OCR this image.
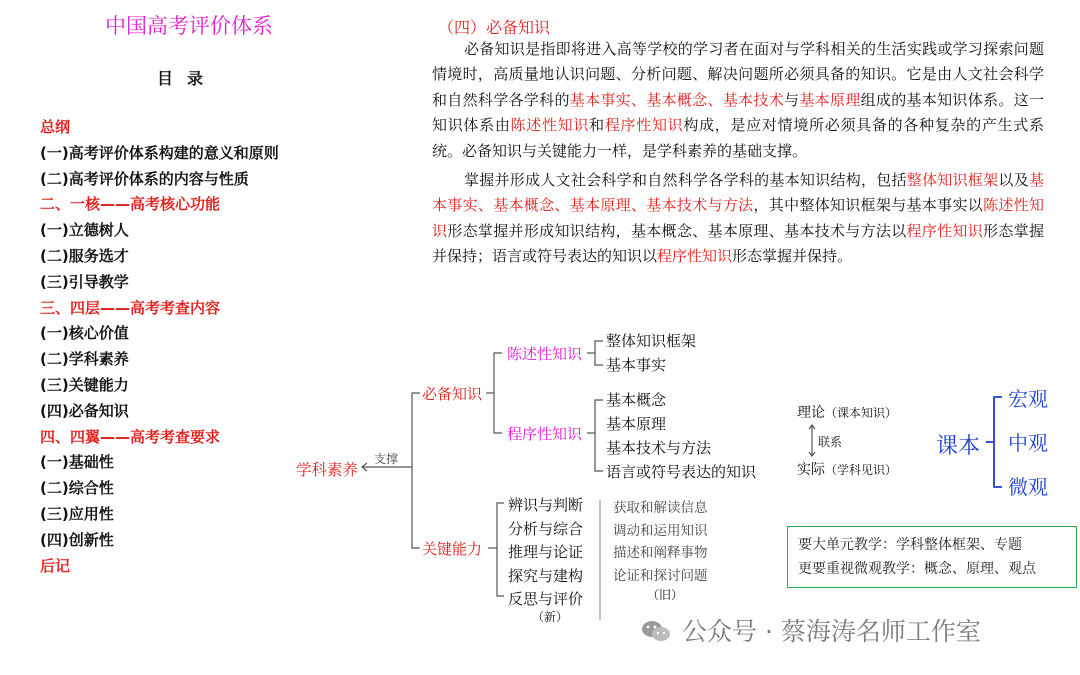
中国高考评价体系
目录
总纲
(一)高考评价体系构建的意义和原则
(二)高考评价体系的内容与性质
二、一核——高考核心功能
(一)立德树人
(二)服务选才
(三)引导教学
三、四层——高考考查内容
(一)核心价值
(二)学科素养
(三)关键能力
(四)必备知识
四、四翼——高考考查要求
(一)基础性
(二)综合性
(三)应用性
(四)创新性
后记
（四）必备知识

必备知识是指即将进入高等学校的学习者在面对与学科相关的生活实践或学习探索问题情境时，高质量地认识问题、分析问题、解决问题所必须具备的知识。它是由人文社会科学和自然科学各学科的基本事实、基本概念、基本技术与基本原理组成的基本知识体系。这一知识体系由陈述性知识和程序性知识构成，是应对情境所必须具备的各种复杂的产生式系统。必备知识与关键能力一样，是学科素养的基础支撑。

掌握并形成人文社会科学和自然科学各学科的基本知识结构，包括整体知识框架以及基本事实、基本概念、基本原理、基本技术与方法，其中整体知识框架与基本事实以陈述性知识形态掌握并形成知识结构，基本概念、基本原理、基本技术与方法以程序性知识形态掌握并保持；语言或符号表达的知识以程序性知识形态掌握并保持。

学科素养
支撑
必备知识
关键能力
陈述性知识
程序性知识
整体知识框架
基本事实
基本概念
基本原理
基本技术与方法
语言或符号表达的知识
辨识与判断
分析与综合
推理与论证
探究与建构
反思与评价
获取和解读信息
调动和运用知识
描述和阐释事物
论证和探讨问题
（新）
（旧）
理论（课本知识）
联系
实际（学科见识）
课本
宏观
中观
微观
要大单元教学：学科整体框架、专题
更要重视微观教学：概念、原理、观点
公众号 · 蔡海涛名师工作室
